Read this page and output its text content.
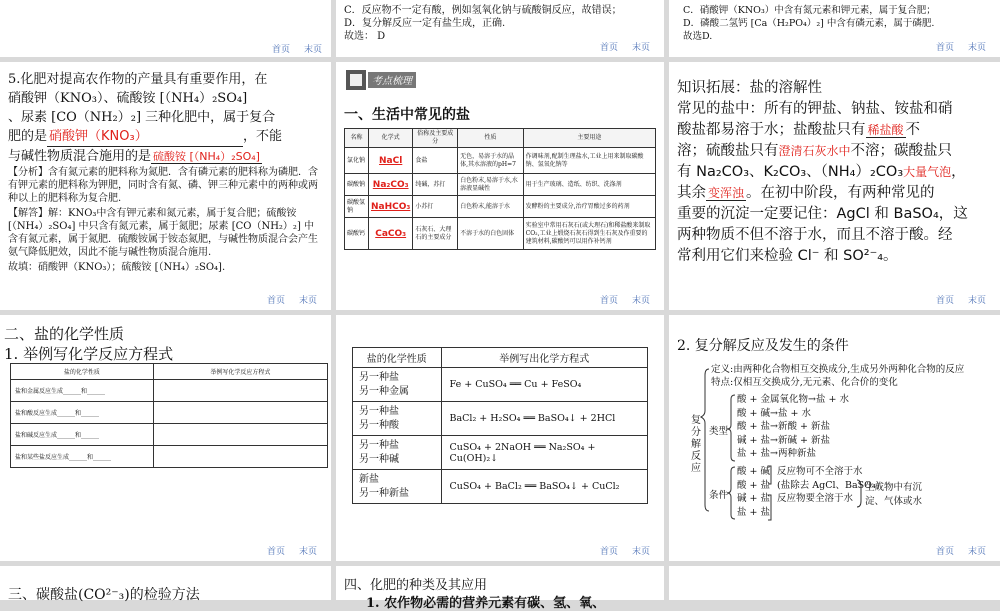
C．反应物不一定有酸，例如氢氧化钠与硫酸铜反应，故错误；
D．复分解反应一定有盐生成，正确.
故选： D
首页 末页
C．硝酸钾（KNO₃）中含有氮元素和钾元素，属于复合肥；
D．磷酸二氢钙 [Ca（H₂PO₄）₂] 中含有磷元素，属于磷肥.
故选D.
首页 末页
首页 末页
5.化肥对提高农作物的产量具有重要作用，在
硝酸钾（KNO₃）、硫酸铵 [（NH₄）₂SO₄]
、尿素 [CO（NH₂）₂] 三种化肥中，属于复合
肥的是 硝酸钾（KNO₃）	，不能
与碱性物质混合施用的是 硫酸铵 [（NH₄）₂SO₄]
【分析】含有氮元素的肥料称为氮肥．含有磷元素的肥料称为磷肥．含有钾元素的肥料称为钾肥，同时含有氮、磷、钾三种元素中的两种或两种以上的肥料称为复合肥.
【解答】解：KNO₃中含有钾元素和氮元素，属于复合肥；硫酸铵 [（NH₄）₂SO₄] 中只含有氮元素，属于氮肥；尿素 [CO（NH₂）₂] 中含有氮元素，属于氮肥．硫酸铵属于铵态氮肥，与碱性物质混合会产生氨气降低肥效，因此不能与碱性物质混合施用.
故填：硝酸钾（KNO₃）；硫酸铵 [（NH₄）₂SO₄].
首页 末页
考点梳理
一、生活中常见的盐
名称	化学式	俗称及主要成分	性质	主要用途
氯化钠	NaCl	食盐	无色，易溶于水的晶体,其水溶液的pH=7	作调味剂,配制生理盐水,工业上用来制取碳酸钠、氢氧化钠等
碳酸钠	Na₂CO₃	纯碱，苏打	白色粉末,易溶于水,水溶液显碱性	用于生产玻璃、造纸、纺织、洗涤剂
碳酸氢钠	NaHCO₃	小苏打	白色粉末,能溶于水	发酵粉的主要成分,治疗胃酸过多的药剂
碳酸钙	CaCO₃	石灰石、大理石的主要成分	不溶于水的白色固体	实验室中常用石灰石(或大理石)和稀盐酸来制取CO₂,工业上煅烧石灰石得到生石灰及作重要的建筑材料,碳酸钙可以用作补钙剂
首页 末页
知识拓展：盐的溶解性
常见的盐中：所有的钾盐、钠盐、铵盐和硝
酸盐都易溶于水；盐酸盐只有 稀盐酸 不
溶；硫酸盐只有澄清石灰水中不溶；碳酸盐只
有 Na₂CO₃、K₂CO₃、（NH₄）₂CO₃大量气泡，
其余 变浑浊 。在初中阶段，有两种常见的
重要的沉淀一定要记住：AgCl 和 BaSO₄，这
两种物质不但不溶于水，而且不溶于酸。经
常利用它们来检验 Cl⁻ 和 SO²⁻₄。
首页 末页
二、盐的化学性质
1. 举例写化学反应方程式
盐的化学性质	举例写化学反应方程式
盐和金属反应生成______和______	
盐和酸反应生成______和______	
盐和碱反应生成______和______	
盐和某些盐反应生成______和______	
首页 末页
盐的化学性质	举例写出化学方程式

另一种盐
另一种金属	Fe + CuSO₄ ══ Cu + FeSO₄

另一种盐
另一种酸	BaCl₂ + H₂SO₄ ══ BaSO₄↓ + 2HCl

另一种盐
另一种碱	CuSO₄ + 2NaOH ══ Na₂SO₄ + Cu(OH)₂↓

新盐
另一种新盐	CuSO₄ + BaCl₂ ══ BaSO₄↓ + CuCl₂
首页 末页
2. 复分解反应及发生的条件
复
分
解
反
应
定义:由两种化合物相互交换成分,生成另外两种化合物的反应
特点:仅相互交换成分,无元素、化合价的变化
类型
酸 + 金属氧化物→盐 + 水
酸 + 碱→盐 + 水
酸 + 盐→新酸 + 新盐
碱 + 盐→新碱 + 新盐
盐 + 盐→两种新盐
条件
酸 + 碱 反应物可不全溶于水
酸 + 盐 (盐除去 AgCl、BaSO₄)
碱 + 盐 反应物要全溶于水
盐 + 盐
生成物中有沉淀、气体或水
首页 末页
三、碳酸盐(CO²⁻₃)的检验方法
四、化肥的种类及其应用
1. 农作物必需的营养元素有碳、氢、氧、
